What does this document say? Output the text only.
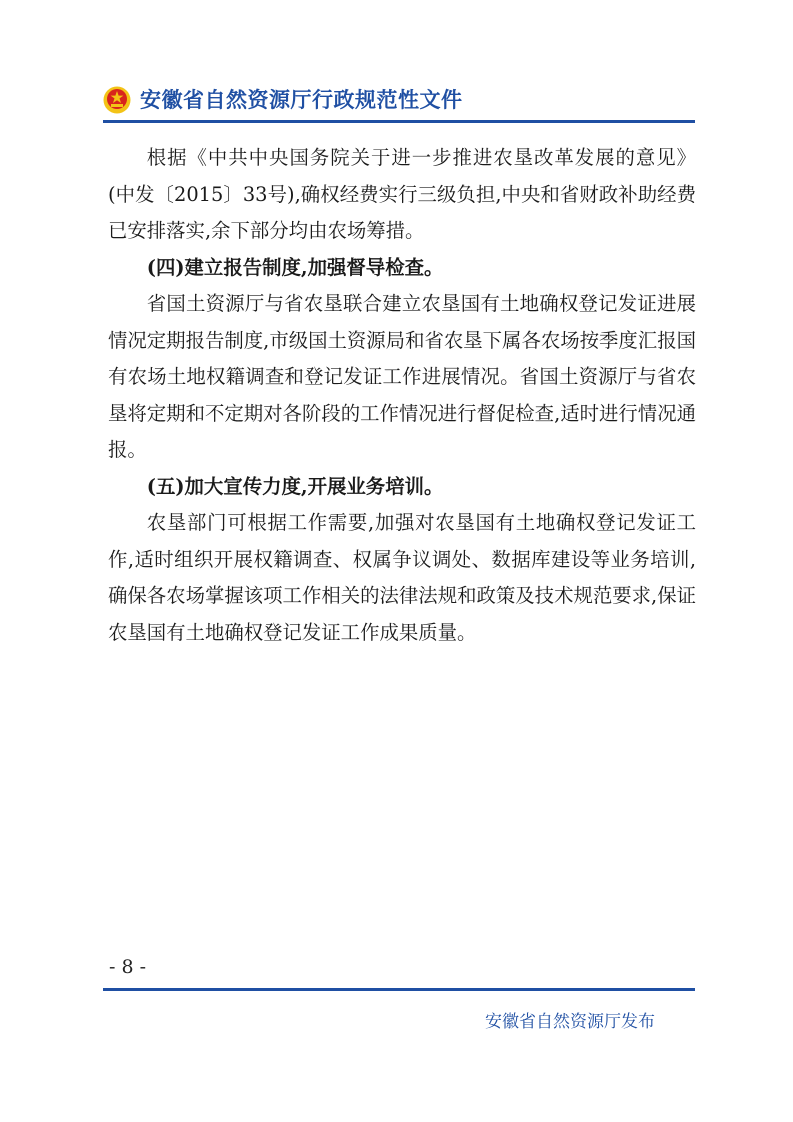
安徽省自然资源厅行政规范性文件

根据《中共中央国务院关于进一步推进农垦改革发展的意见》(中发〔2015〕33号),确权经费实行三级负担,中央和省财政补助经费已安排落实,余下部分均由农场筹措。

(四)建立报告制度,加强督导检查。

省国土资源厅与省农垦联合建立农垦国有土地确权登记发证进展情况定期报告制度,市级国土资源局和省农垦下属各农场按季度汇报国有农场土地权籍调查和登记发证工作进展情况。省国土资源厅与省农垦将定期和不定期对各阶段的工作情况进行督促检查,适时进行情况通报。

(五)加大宣传力度,开展业务培训。

农垦部门可根据工作需要,加强对农垦国有土地确权登记发证工作,适时组织开展权籍调查、权属争议调处、数据库建设等业务培训,确保各农场掌握该项工作相关的法律法规和政策及技术规范要求,保证农垦国有土地确权登记发证工作成果质量。

- 8 -
安徽省自然资源厅发布
